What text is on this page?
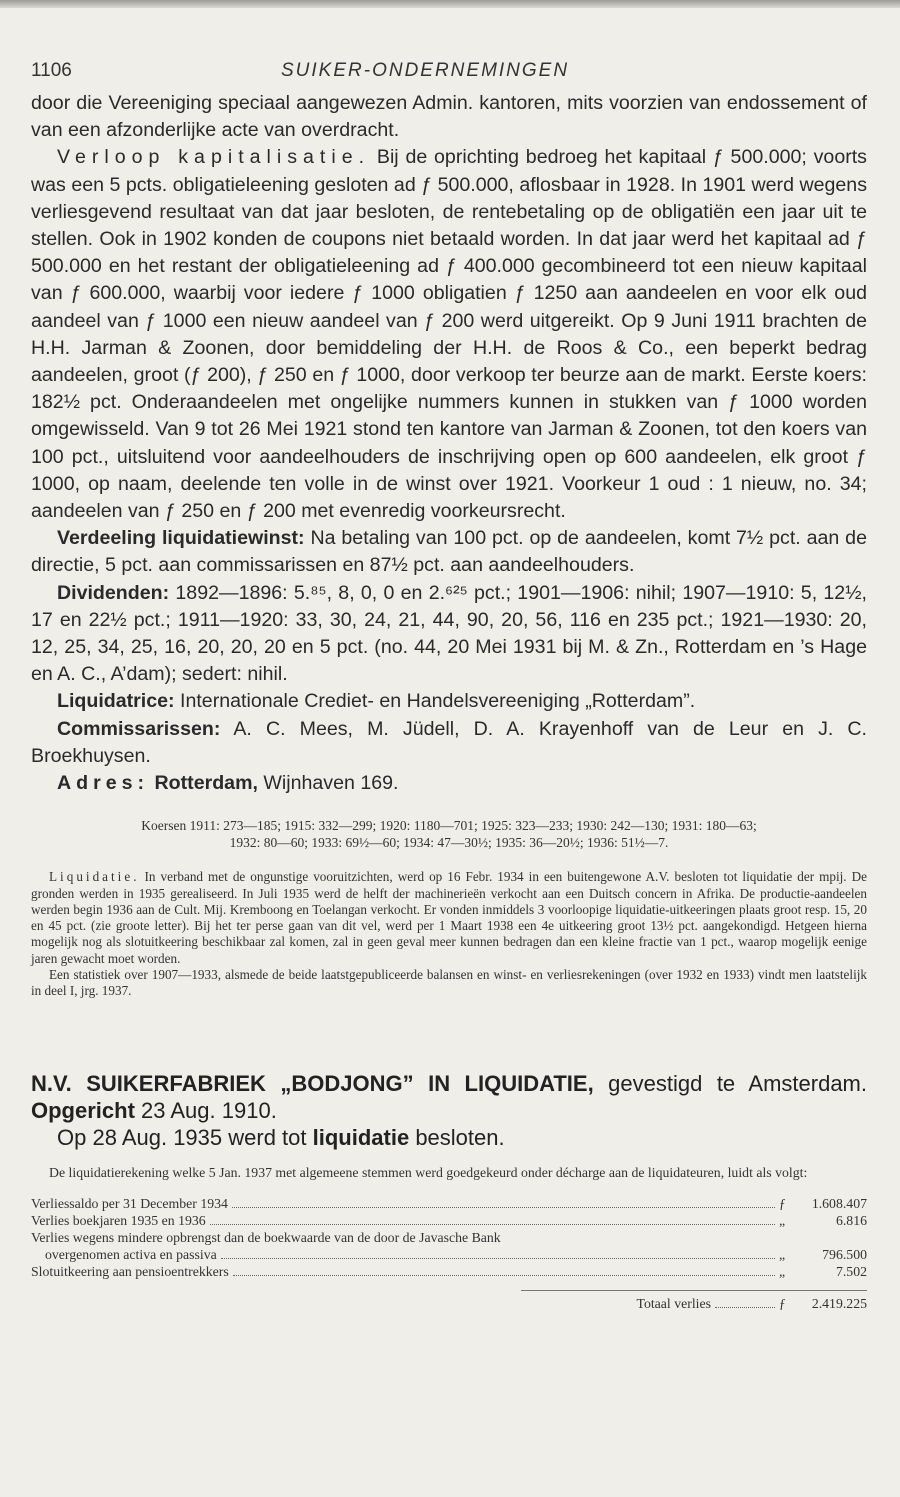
1106	SUIKER-ONDERNEMINGEN

door die Vereeniging speciaal aangewezen Admin. kantoren, mits voorzien van endossement of van een afzonderlijke acte van overdracht.

Verloop kapitalisatie. Bij de oprichting bedroeg het kapitaal ƒ 500.000; voorts was een 5 pcts. obligatieleening gesloten ad ƒ 500.000, aflosbaar in 1928. In 1901 werd wegens verliesgevend resultaat van dat jaar besloten, de rentebetaling op de obligatiën een jaar uit te stellen. Ook in 1902 konden de coupons niet betaald worden. In dat jaar werd het kapitaal ad ƒ 500.000 en het restant der obligatieleening ad ƒ 400.000 gecombineerd tot een nieuw kapitaal van ƒ 600.000, waarbij voor iedere ƒ 1000 obligatien ƒ 1250 aan aandeelen en voor elk oud aandeel van ƒ 1000 een nieuw aandeel van ƒ 200 werd uitgereikt. Op 9 Juni 1911 brachten de H.H. Jarman & Zoonen, door bemiddeling der H.H. de Roos & Co., een beperkt bedrag aandeelen, groot (ƒ 200), ƒ 250 en ƒ 1000, door verkoop ter beurze aan de markt. Eerste koers: 182½ pct. Onderaandeelen met ongelijke nummers kunnen in stukken van ƒ 1000 worden omgewisseld. Van 9 tot 26 Mei 1921 stond ten kantore van Jarman & Zoonen, tot den koers van 100 pct., uitsluitend voor aandeelhouders de inschrijving open op 600 aandeelen, elk groot ƒ 1000, op naam, deelende ten volle in de winst over 1921. Voorkeur 1 oud : 1 nieuw, no. 34; aandeelen van ƒ 250 en ƒ 200 met evenredig voorkeursrecht.

Verdeeling liquidatiewinst: Na betaling van 100 pct. op de aandeelen, komt 7½ pct. aan de directie, 5 pct. aan commissarissen en 87½ pct. aan aandeelhouders.

Dividenden: 1892—1896: 5.⁸⁵, 8, 0, 0 en 2.⁶²⁵ pct.; 1901—1906: nihil; 1907—1910: 5, 12½, 17 en 22½ pct.; 1911—1920: 33, 30, 24, 21, 44, 90, 20, 56, 116 en 235 pct.; 1921—1930: 20, 12, 25, 34, 25, 16, 20, 20, 20 en 5 pct. (no. 44, 20 Mei 1931 bij M. & Zn., Rotterdam en ’s Hage en A. C., A’dam); sedert: nihil.

Liquidatrice: Internationale Crediet- en Handelsvereeniging „Rotterdam”.

Commissarissen: A. C. Mees, M. Jüdell, D. A. Krayenhoff van de Leur en J. C. Broekhuysen.

Adres: Rotterdam, Wijnhaven 169.

Koersen 1911: 273—185; 1915: 332—299; 1920: 1180—701; 1925: 323—233; 1930: 242—130; 1931: 180—63;
1932: 80—60; 1933: 69½—60; 1934: 47—30½; 1935: 36—20½; 1936: 51½—7.

Liquidatie. In verband met de ongunstige vooruitzichten, werd op 16 Febr. 1934 in een buitengewone A.V. besloten tot liquidatie der mpij. De gronden werden in 1935 gerealiseerd. In Juli 1935 werd de helft der machinerieën verkocht aan een Duitsch concern in Afrika. De productie-aandeelen werden begin 1936 aan de Cult. Mij. Kremboong en Toelangan verkocht. Er vonden inmiddels 3 voorloopige liquidatie-uitkeeringen plaats groot resp. 15, 20 en 45 pct. (zie groote letter). Bij het ter perse gaan van dit vel, werd per 1 Maart 1938 een 4e uitkeering groot 13½ pct. aangekondigd. Hetgeen hierna mogelijk nog als slotuitkeering beschikbaar zal komen, zal in geen geval meer kunnen bedragen dan een kleine fractie van 1 pct., waarop mogelijk eenige jaren gewacht moet worden.

Een statistiek over 1907—1933, alsmede de beide laatstgepubliceerde balansen en winst- en verliesrekeningen (over 1932 en 1933) vindt men laatstelijk in deel I, jrg. 1937.

N.V. SUIKERFABRIEK „BODJONG” IN LIQUIDATIE, gevestigd te Amsterdam. Opgericht 23 Aug. 1910.

Op 28 Aug. 1935 werd tot liquidatie besloten.

De liquidatierekening welke 5 Jan. 1937 met algemeene stemmen werd goedgekeurd onder décharge aan de liquidateuren, luidt als volgt:

Verliessaldo per 31 December 1934	ƒ	1.608.407
Verlies boekjaren 1935 en 1936	„	6.816
Verlies wegens mindere opbrengst dan de boekwaarde van de door de Javasche Bank
overgenomen activa en passiva	„	796.500
Slotuitkeering aan pensioentrekkers	„	7.502
Totaal verlies	ƒ	2.419.225
